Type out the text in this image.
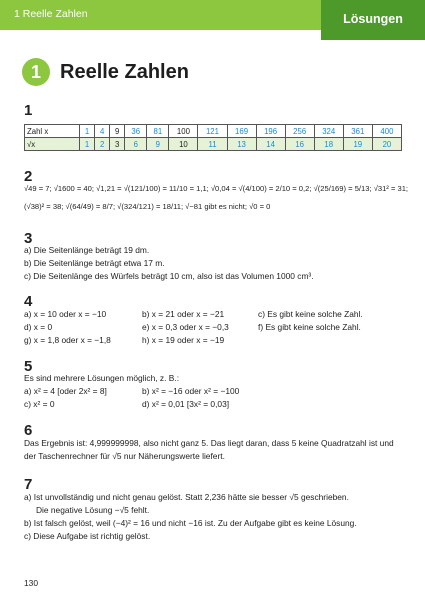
1 Reelle Zahlen	Lösungen
1 Reelle Zahlen
1
Zahl x	1	4	9	36	81	100	121	169	196	256	324	361	400
√x	1	2	3	6	9	10	11	13	14	16	18	19	20
2
√49 = 7; √1600 = 40; √1,21 = √(121/100) = 11/10 = 1,1; √0,04 = √(4/100) = 2/10 = 0,2; √(25/169) = 5/13; √31² = 31;
(√38)² = 38; √(64/49) = 8/7; √(324/121) = 18/11; √−81 gibt es nicht; √0 = 0
3
a) Die Seitenlänge beträgt 19 dm.
b) Die Seitenlänge beträgt etwa 17 m.
c) Die Seitenlänge des Würfels beträgt 10 cm, also ist das Volumen 1000 cm³.
4
a) x = 10 oder x = −10	b) x = 21 oder x = −21	c) Es gibt keine solche Zahl.
d) x = 0	e) x = 0,3 oder x = −0,3	f) Es gibt keine solche Zahl.
g) x = 1,8 oder x = −1,8	h) x = 19 oder x = −19
5
Es sind mehrere Lösungen möglich, z. B.:
a) x² = 4 [oder 2x² = 8]	b) x² = −16 oder x² = −100
c) x² = 0	d) x² = 0,01 [3x² = 0,03]
6
Das Ergebnis ist: 4,999999998, also nicht ganz 5. Das liegt daran, dass 5 keine Quadratzahl ist und
der Taschenrechner für √5 nur Näherungswerte liefert.
7
a) Ist unvollständig und nicht genau gelöst. Statt 2,236 hätte sie besser √5 geschrieben.
Die negative Lösung −√5 fehlt.
b) Ist falsch gelöst, weil (−4)² = 16 und nicht −16 ist. Zu der Aufgabe gibt es keine Lösung.
c) Diese Aufgabe ist richtig gelöst.
130
